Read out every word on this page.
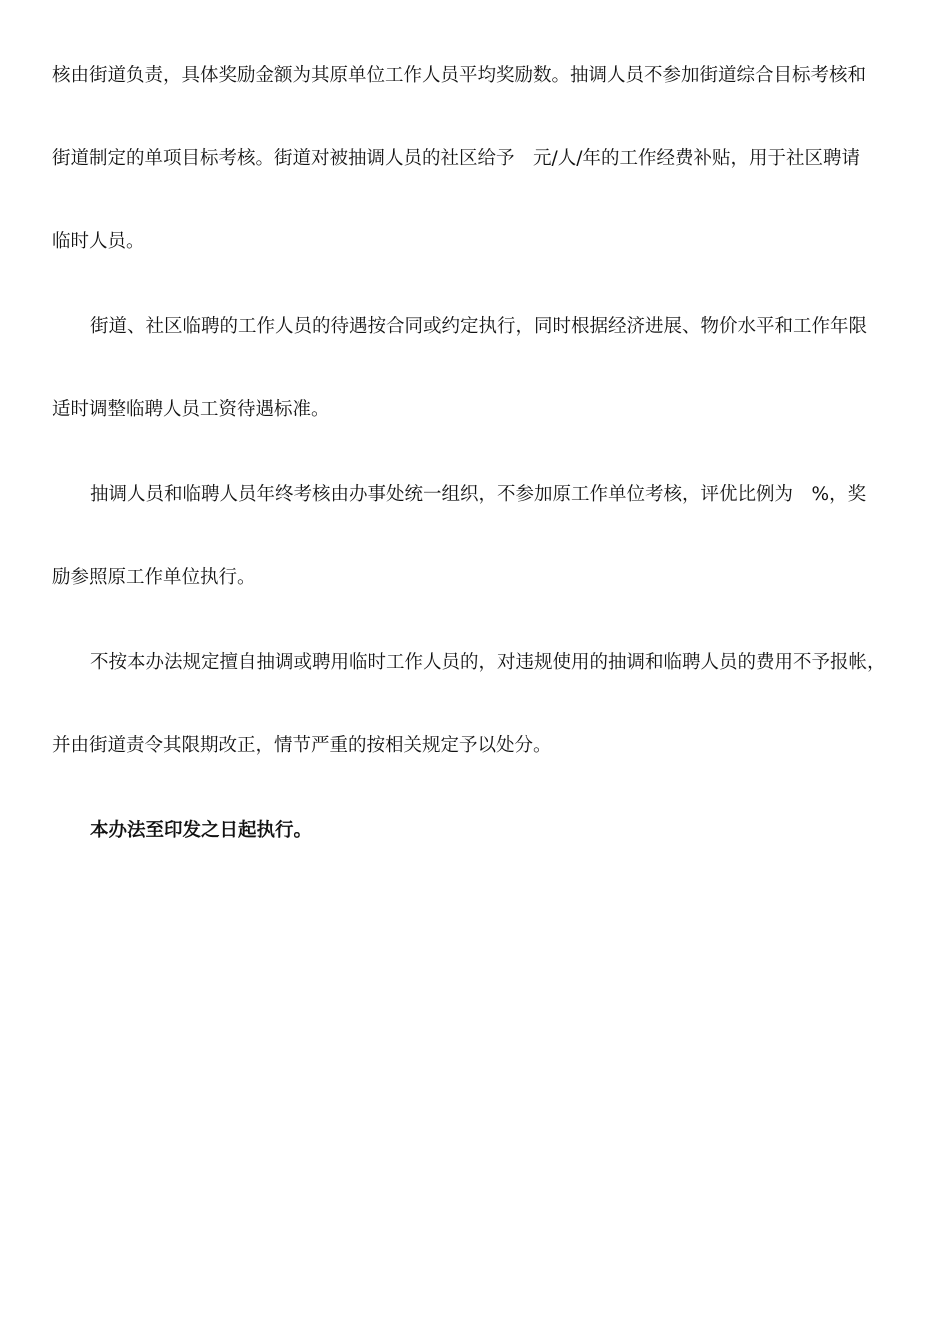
核由街道负责，具体奖励金额为其原单位工作人员平均奖励数。抽调人员不参加街道综合目标考核和
街道制定的单项目标考核。街道对被抽调人员的社区给予　元/人/年的工作经费补贴，用于社区聘请
临时人员。
街道、社区临聘的工作人员的待遇按合同或约定执行，同时根据经济进展、物价水平和工作年限
适时调整临聘人员工资待遇标准。
抽调人员和临聘人员年终考核由办事处统一组织，不参加原工作单位考核，评优比例为　%，奖
励参照原工作单位执行。
不按本办法规定擅自抽调或聘用临时工作人员的，对违规使用的抽调和临聘人员的费用不予报帐，
并由街道责令其限期改正，情节严重的按相关规定予以处分。
本办法至印发之日起执行。
